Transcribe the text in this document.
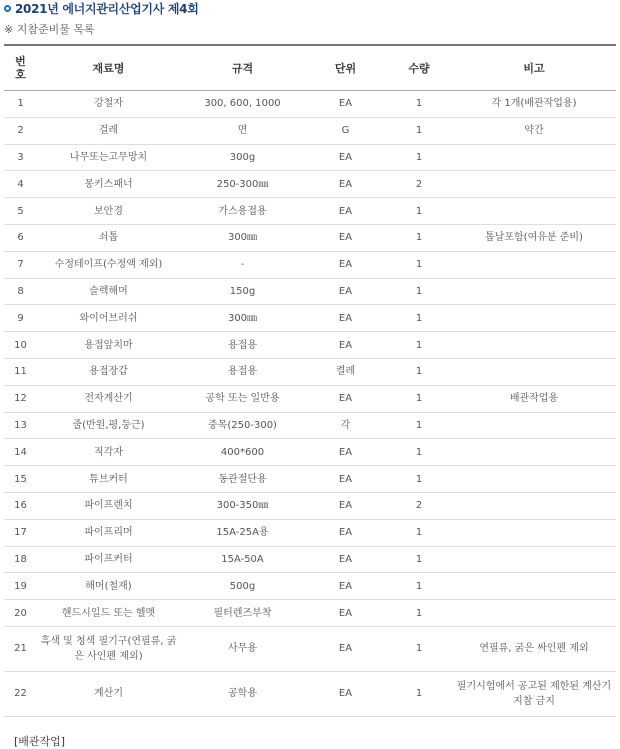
2021년 에너지관리산업기사 제4회
※ 지참준비물 목록
번호	재료명	규격	단위	수량	비고
1	강철자	300, 600, 1000	EA	1	각 1개(배관작업용)
2	걸레	면	G	1	약간
3	나무또는고무망치	300g	EA	1	
4	몽키스패너	250-300㎜	EA	2	
5	보안경	가스용접용	EA	1	
6	쇠톱	300㎜	EA	1	톱날포함(여유분 준비)
7	수정테이프(수정액 제외)	-	EA	1	
8	슬렉해머	150g	EA	1	
9	와이어브러쉬	300㎜	EA	1	
10	용접앞치마	용접용	EA	1	
11	용접장갑	용접용	켤레	1	
12	전자계산기	공학 또는 일반용	EA	1	배관작업용
13	줄(반원,평,둥근)	중목(250-300)	각	1	
14	직각자	400*600	EA	1	
15	튜브커터	동관절단용	EA	1	
16	파이프렌치	300-350㎜	EA	2	
17	파이프리머	15A-25A용	EA	1	
18	파이프커터	15A-50A	EA	1	
19	해머(철재)	500g	EA	1	
20	핸드시일드 또는 헬멧	필터렌즈부착	EA	1	
21	흑색 및 청색 필기구(연필류, 굵은 사인펜 제외)	사무용	EA	1	연필류, 굵은 싸인펜 제외
22	계산기	공학용	EA	1	필기시험에서 공고된 제한된 계산기 지참 금지
[배관작업]
